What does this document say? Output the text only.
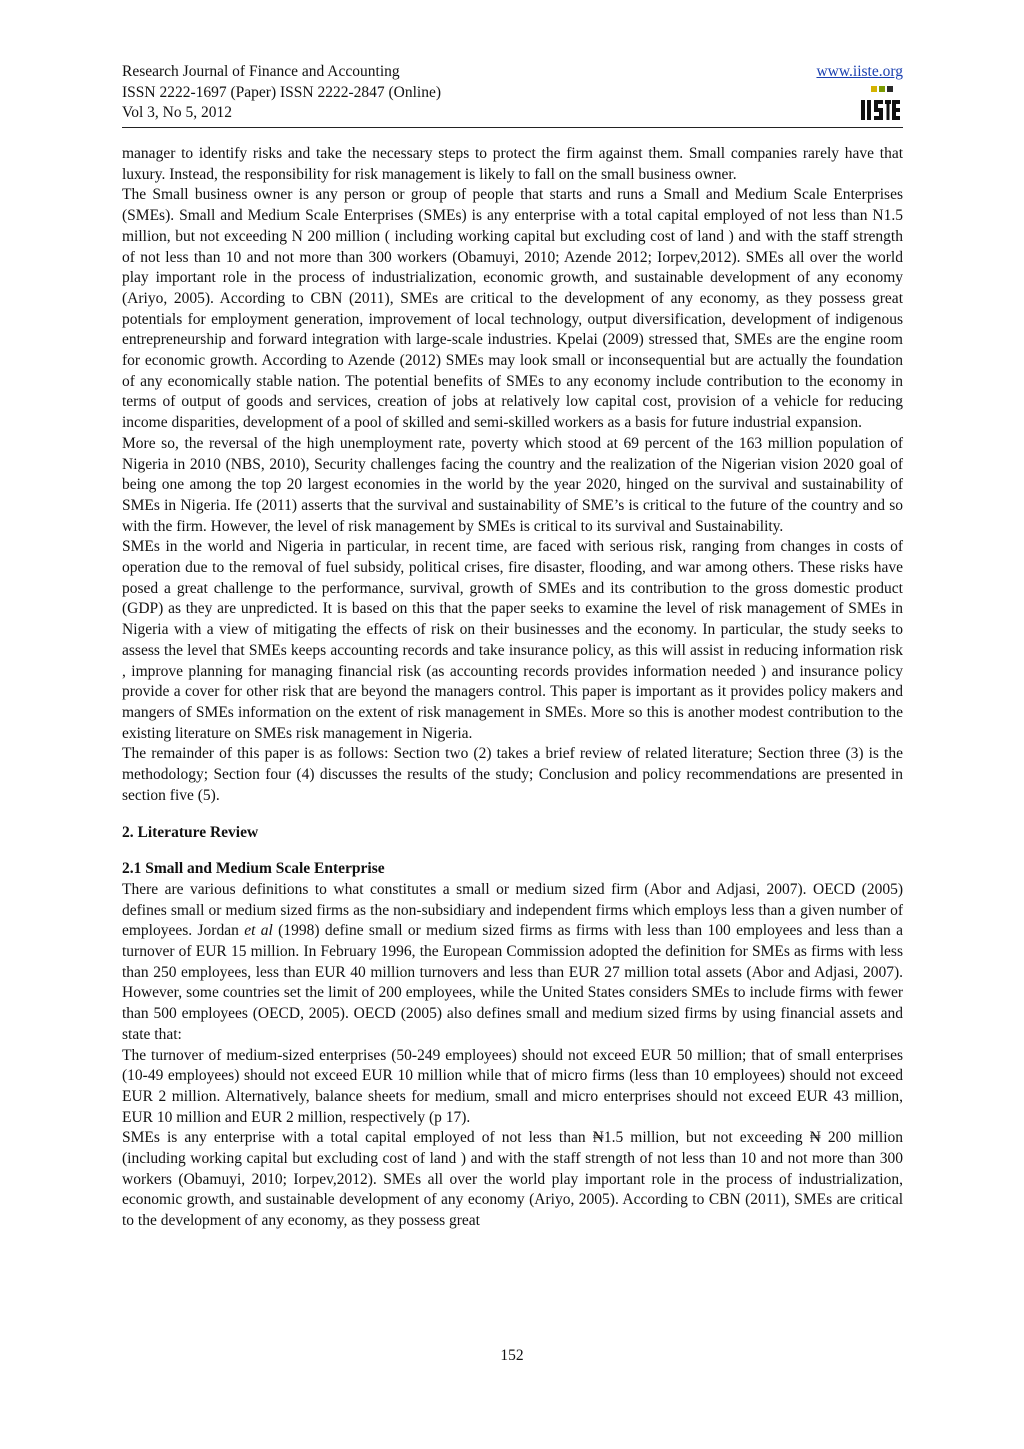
Research Journal of Finance and Accounting
ISSN 2222-1697 (Paper) ISSN 2222-2847 (Online)
Vol 3, No 5, 2012
www.iiste.org

manager to identify risks and take the necessary steps to protect the firm against them. Small companies rarely have that luxury. Instead, the responsibility for risk management is likely to fall on the small business owner.

The Small business owner is any person or group of people that starts and runs a Small and Medium Scale Enterprises (SMEs). Small and Medium Scale Enterprises (SMEs) is any enterprise with a total capital employed of not less than N1.5 million, but not exceeding N 200 million ( including working capital but excluding cost of land ) and with the staff strength of not less than 10 and not more than 300 workers (Obamuyi, 2010; Azende 2012; Iorpev,2012). SMEs all over the world play important role in the process of industrialization, economic growth, and sustainable development of any economy (Ariyo, 2005). According to CBN (2011), SMEs are critical to the development of any economy, as they possess great potentials for employment generation, improvement of local technology, output diversification, development of indigenous entrepreneurship and forward integration with large-scale industries. Kpelai (2009) stressed that, SMEs are the engine room for economic growth. According to Azende (2012) SMEs may look small or inconsequential but are actually the foundation of any economically stable nation. The potential benefits of SMEs to any economy include contribution to the economy in terms of output of goods and services, creation of jobs at relatively low capital cost, provision of a vehicle for reducing income disparities, development of a pool of skilled and semi-skilled workers as a basis for future industrial expansion.

More so, the reversal of the high unemployment rate, poverty which stood at 69 percent of the 163 million population of Nigeria in 2010 (NBS, 2010), Security challenges facing the country and the realization of the Nigerian vision 2020 goal of being one among the top 20 largest economies in the world by the year 2020, hinged on the survival and sustainability of SMEs in Nigeria. Ife (2011) asserts that the survival and sustainability of SME’s is critical to the future of the country and so with the firm. However, the level of risk management by SMEs is critical to its survival and Sustainability.

SMEs in the world and Nigeria in particular, in recent time, are faced with serious risk, ranging from changes in costs of operation due to the removal of fuel subsidy, political crises, fire disaster, flooding, and war among others. These risks have posed a great challenge to the performance, survival, growth of SMEs and its contribution to the gross domestic product (GDP) as they are unpredicted. It is based on this that the paper seeks to examine the level of risk management of SMEs in Nigeria with a view of mitigating the effects of risk on their businesses and the economy. In particular, the study seeks to assess the level that SMEs keeps accounting records and take insurance policy, as this will assist in reducing information risk , improve planning for managing financial risk (as accounting records provides information needed ) and insurance policy provide a cover for other risk that are beyond the managers control. This paper is important as it provides policy makers and mangers of SMEs information on the extent of risk management in SMEs. More so this is another modest contribution to the existing literature on SMEs risk management in Nigeria.

The remainder of this paper is as follows: Section two (2) takes a brief review of related literature; Section three (3) is the methodology; Section four (4) discusses the results of the study; Conclusion and policy recommendations are presented in section five (5).

2. Literature Review

2.1 Small and Medium Scale Enterprise

There are various definitions to what constitutes a small or medium sized firm (Abor and Adjasi, 2007). OECD (2005) defines small or medium sized firms as the non-subsidiary and independent firms which employs less than a given number of employees. Jordan et al (1998) define small or medium sized firms as firms with less than 100 employees and less than a turnover of EUR 15 million. In February 1996, the European Commission adopted the definition for SMEs as firms with less than 250 employees, less than EUR 40 million turnovers and less than EUR 27 million total assets (Abor and Adjasi, 2007). However, some countries set the limit of 200 employees, while the United States considers SMEs to include firms with fewer than 500 employees (OECD, 2005). OECD (2005) also defines small and medium sized firms by using financial assets and state that:

The turnover of medium-sized enterprises (50-249 employees) should not exceed EUR 50 million; that of small enterprises (10-49 employees) should not exceed EUR 10 million while that of micro firms (less than 10 employees) should not exceed EUR 2 million. Alternatively, balance sheets for medium, small and micro enterprises should not exceed EUR 43 million, EUR 10 million and EUR 2 million, respectively (p 17).

SMEs is any enterprise with a total capital employed of not less than ₦1.5 million, but not exceeding ₦ 200 million (including working capital but excluding cost of land ) and with the staff strength of not less than 10 and not more than 300 workers (Obamuyi, 2010; Iorpev,2012). SMEs all over the world play important role in the process of industrialization, economic growth, and sustainable development of any economy (Ariyo, 2005). According to CBN (2011), SMEs are critical to the development of any economy, as they possess great

152
